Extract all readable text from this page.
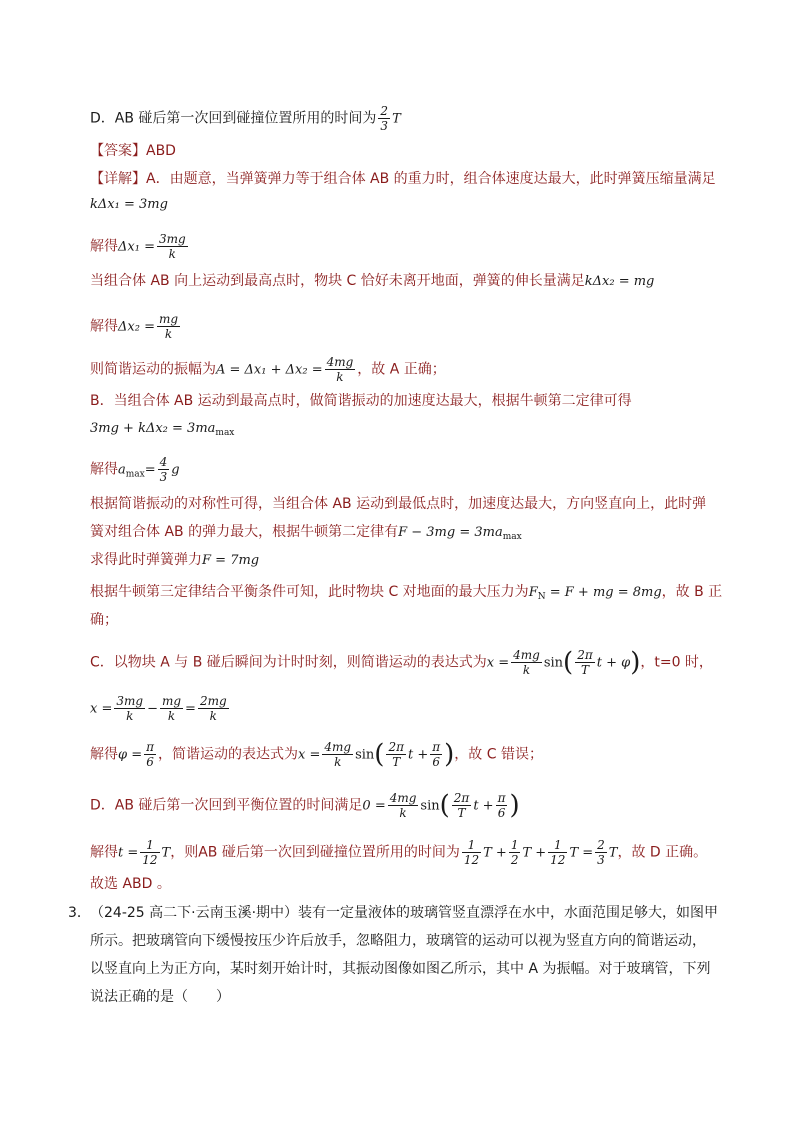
D．AB 碰后第一次回到碰撞位置所用的时间为 $\frac{2}{3}$ T
【答案】ABD
【详解】A．由题意，当弹簧弹力等于组合体 AB 的重力时，组合体速度达最大，此时弹簧压缩量满足
kΔx₁ = 3mg
解得$\Delta x_1 = \frac{3mg}{k}$
当组合体 AB 向上运动到最高点时，物块 C 恰好未离开地面，弹簧的伸长量满足kΔx₂ = mg
解得$\Delta x_2 = \frac{mg}{k}$
则简谐运动的振幅为$A = \Delta x_1 + \Delta x_2 = \frac{4mg}{k}$ ，故 A 正确；
B．当组合体 AB 运动到最高点时，做简谐振动的加速度达最大，根据牛顿第二定律可得
$3mg + k\Delta x_2 = 3ma_{max}$
解得$a_{max}= \frac{4}{3}$ g
根据简谐振动的对称性可得，当组合体 AB 运动到最低点时，加速度达最大，方向竖直向上，此时弹
簧对组合体 AB 的弹力最大，根据牛顿第二定律有$F - 3mg = 3ma_{max}$
求得此时弹簧弹力F = 7mg
根据牛顿第三定律结合平衡条件可知，此时物块 C 对地面的最大压力为$F_N = F$ + mg = 8mg，故 B 正
确；
C．以物块 A 与 B 碰后瞬间为计时时刻，则简谐运动的表达式为$x = \frac{4mg}{k} \sin( \frac{2\pi}{T}$ t + φ)，t=0 时，
$x = \frac{3mg}{k} - \frac{mg}{k} = \frac{2mg}{k}$
解得$\varphi = \frac{\pi}{6}$ ，简谐运动的表达式为$x = \frac{4mg}{k} \sin( \frac{2\pi}{T}$ $t + \frac{\pi}{6}$ )，故 C 错误；
D．AB 碰后第一次回到平衡位置的时间满足$0 = \frac{4mg}{k} \sin( \frac{2\pi}{T}$ $t + \frac{\pi}{6}$ )
解得$t = \frac{1}{12}$ T，则AB 碰后第一次回到碰撞位置所用的时间为 $\frac{1}{12}$ $T + \frac{1}{2}$ $T + \frac{1}{12}$ $T = \frac{2}{3}$ T，故 D 正确。
故选 ABD 。
3． （24-25 高二下·云南玉溪·期中）装有一定量液体的玻璃管竖直漂浮在水中，水面范围足够大，如图甲
所示。把玻璃管向下缓慢按压少许后放手，忽略阻力，玻璃管的运动可以视为竖直方向的简谐运动，
以竖直向上为正方向，某时刻开始计时，其振动图像如图乙所示，其中 A 为振幅。对于玻璃管，下列
说法正确的是（　　）
